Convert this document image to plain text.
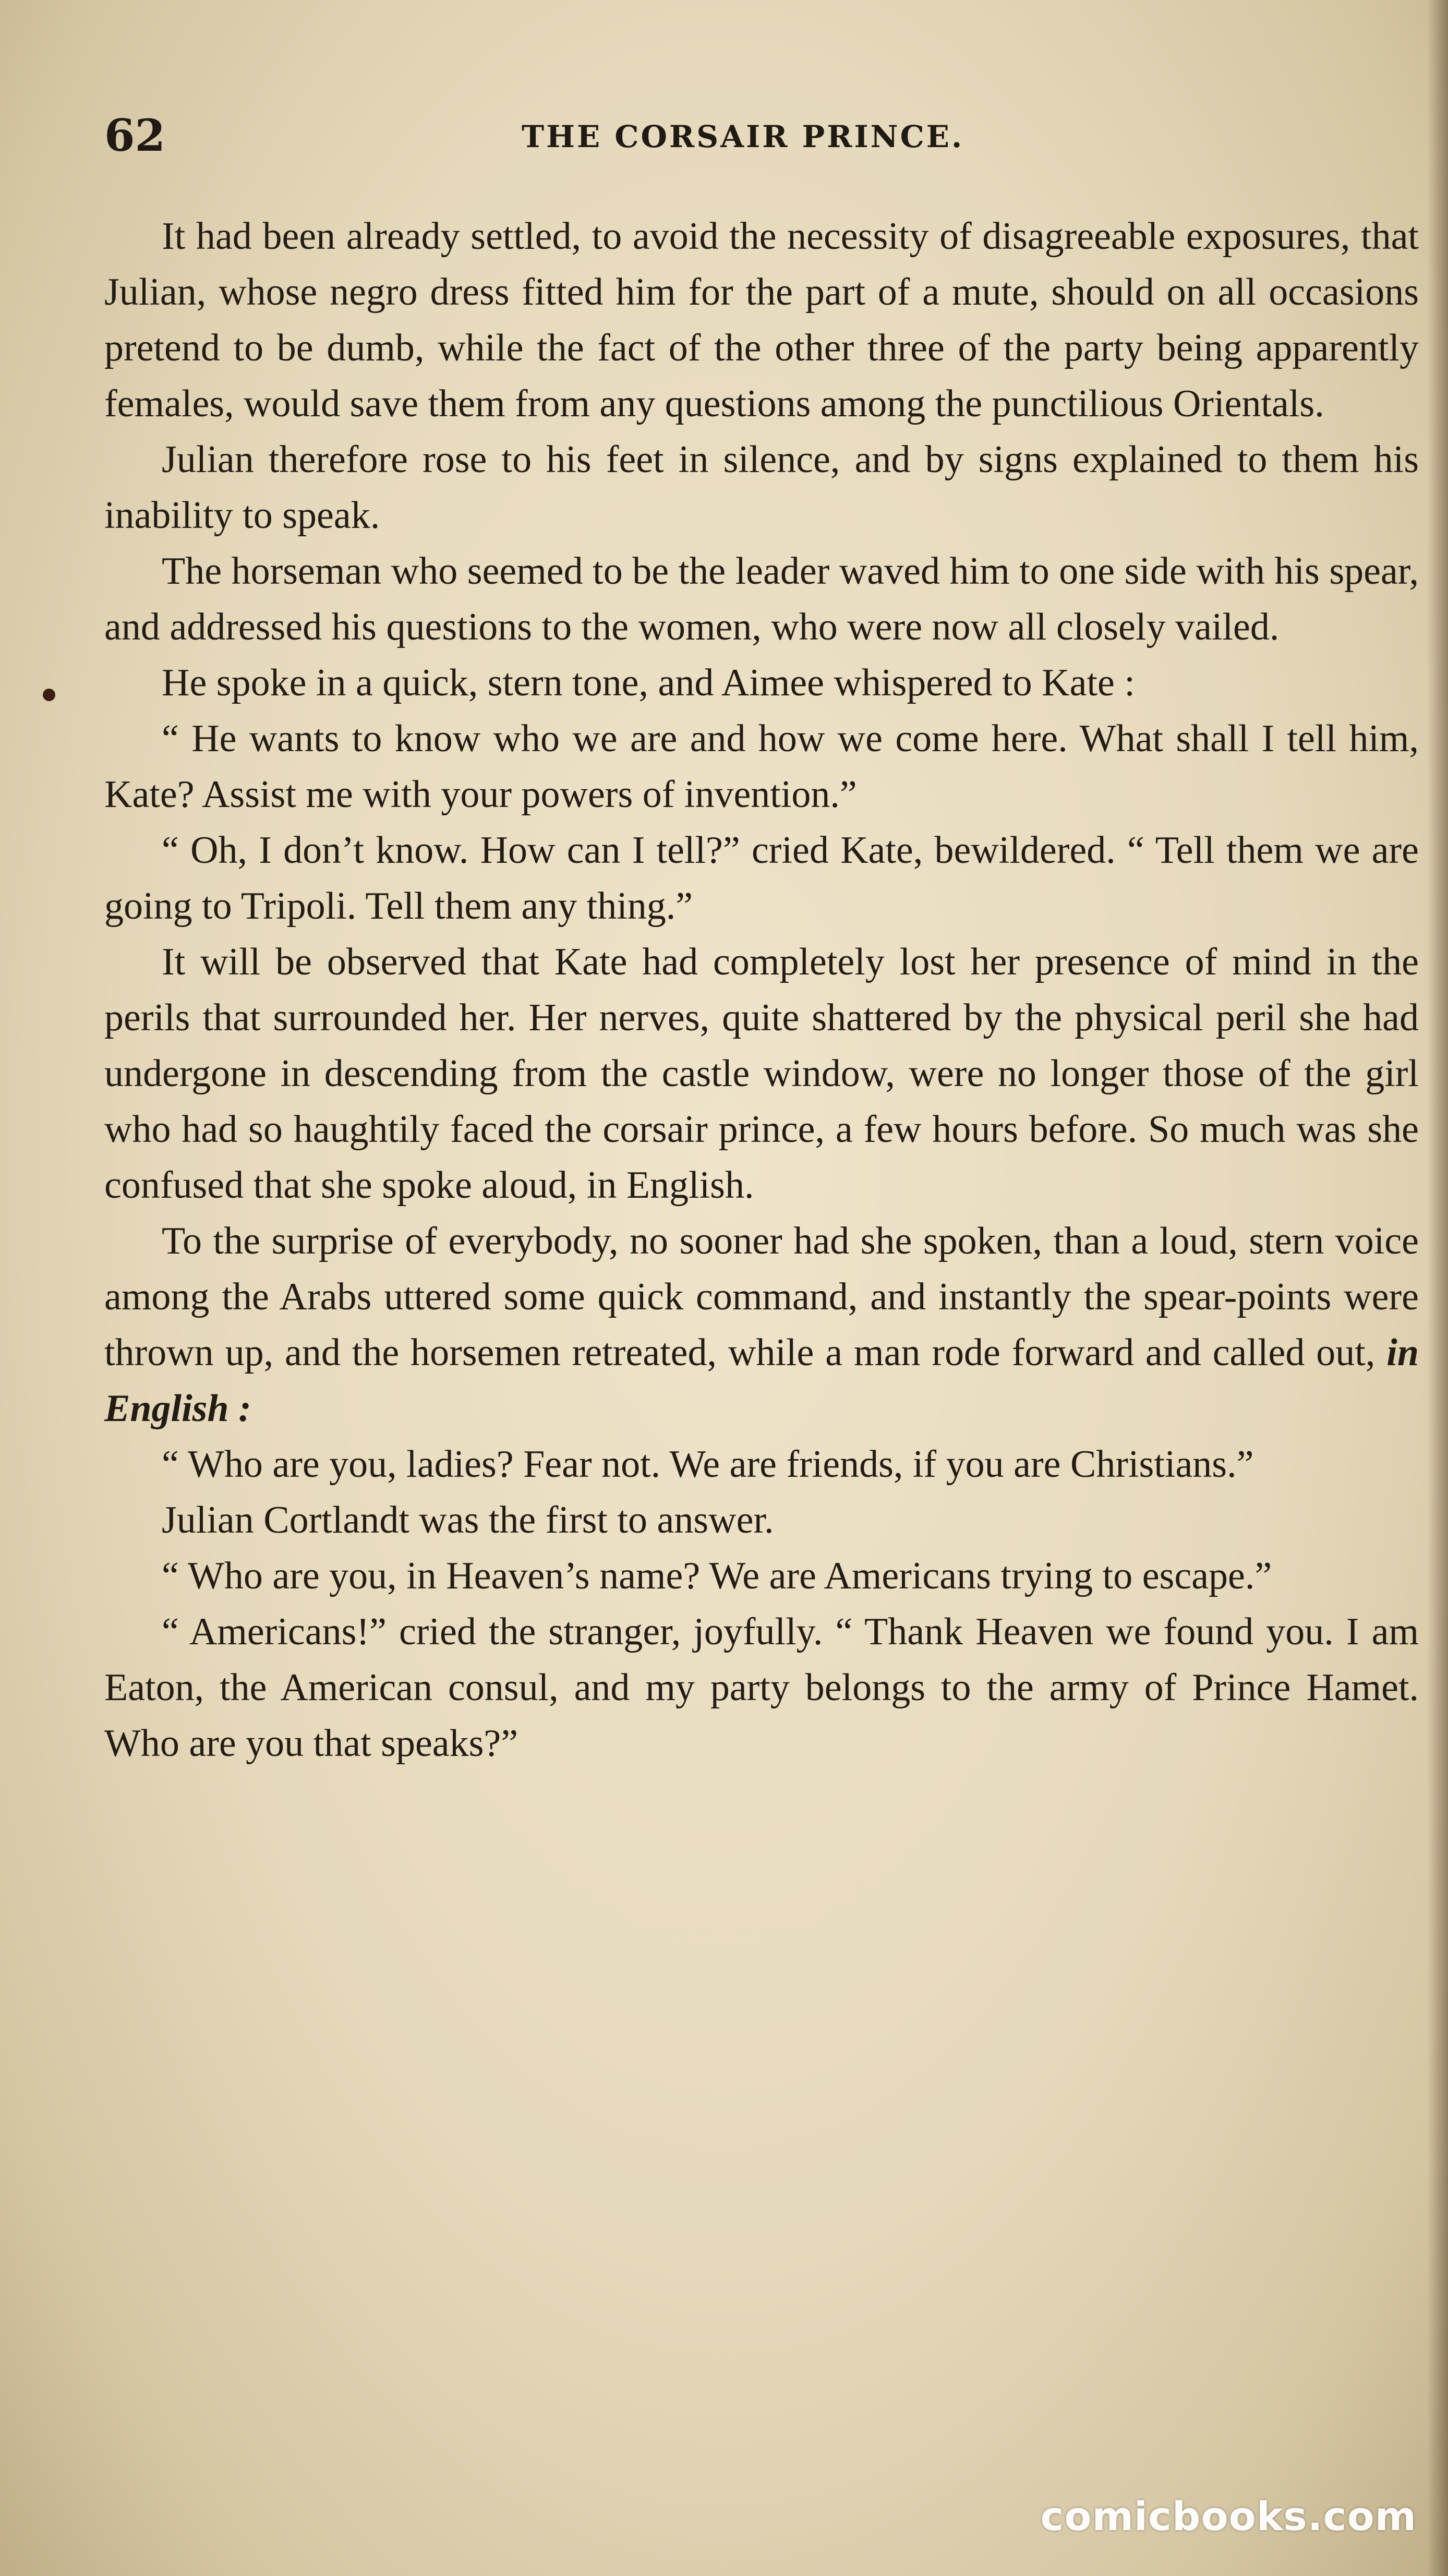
62	THE CORSAIR PRINCE.

It had been already settled, to avoid the necessity of disagreeable exposures, that Julian, whose negro dress fitted him for the part of a mute, should on all occasions pretend to be dumb, while the fact of the other three of the party being apparently females, would save them from any questions among the punctilious Orientals.

Julian therefore rose to his feet in silence, and by signs explained to them his inability to speak.

The horseman who seemed to be the leader waved him to one side with his spear, and addressed his questions to the women, who were now all closely vailed.

He spoke in a quick, stern tone, and Aimee whispered to Kate :

“ He wants to know who we are and how we come here. What shall I tell him, Kate? Assist me with your powers of invention.”

“ Oh, I don’t know. How can I tell?” cried Kate, bewildered. “ Tell them we are going to Tripoli. Tell them any thing.”

It will be observed that Kate had completely lost her presence of mind in the perils that surrounded her. Her nerves, quite shattered by the physical peril she had undergone in descending from the castle window, were no longer those of the girl who had so haughtily faced the corsair prince, a few hours before. So much was she confused that she spoke aloud, in English.

To the surprise of everybody, no sooner had she spoken, than a loud, stern voice among the Arabs uttered some quick command, and instantly the spear-points were thrown up, and the horsemen retreated, while a man rode forward and called out, in English :

“ Who are you, ladies? Fear not. We are friends, if you are Christians.”

Julian Cortlandt was the first to answer.

“ Who are you, in Heaven’s name? We are Americans trying to escape.”

“ Americans!” cried the stranger, joyfully. “ Thank Heaven we found you. I am Eaton, the American consul, and my party belongs to the army of Prince Hamet. Who are you that speaks?”

comicbooks.com
